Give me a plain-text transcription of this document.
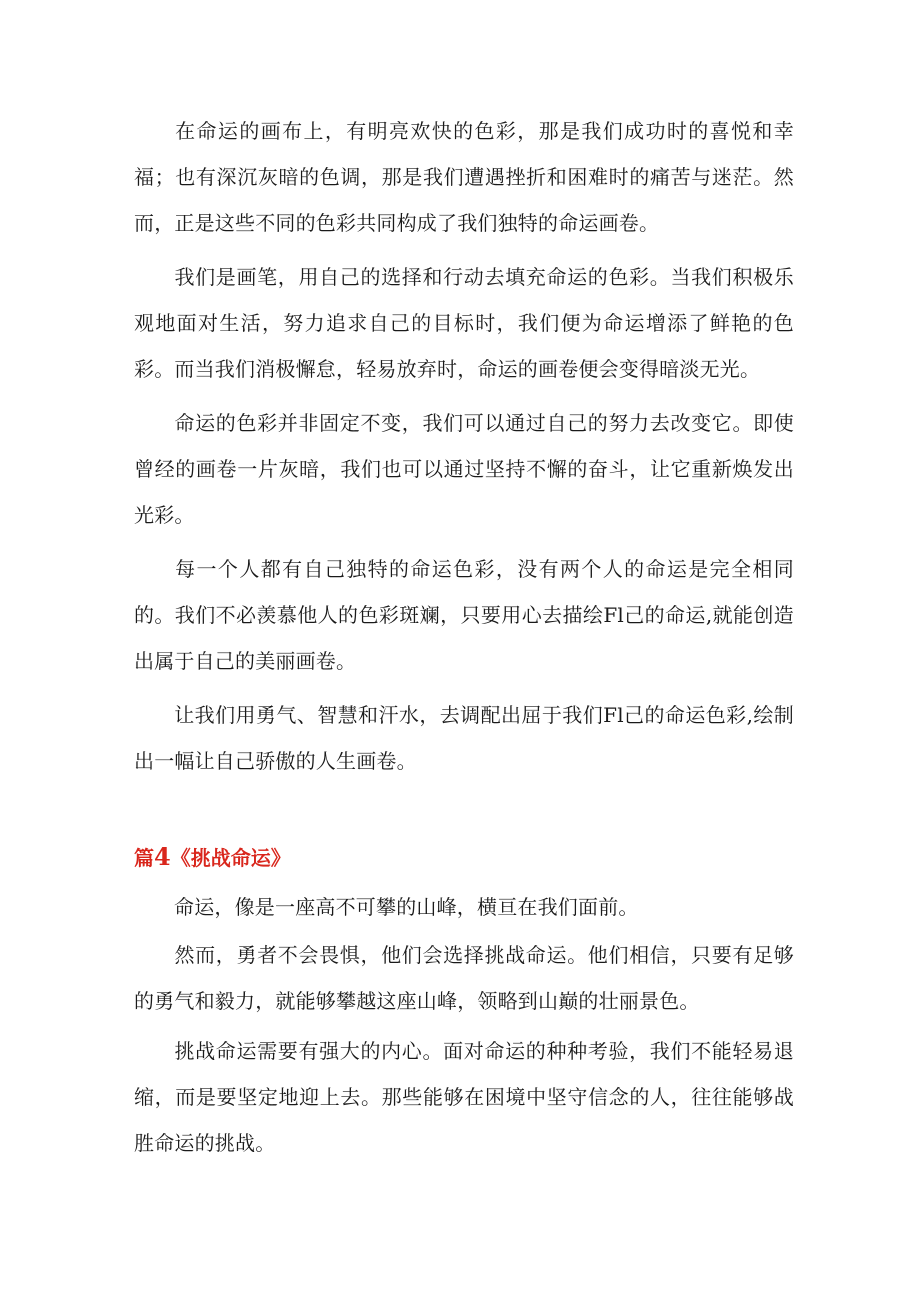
在命运的画布上，有明亮欢快的色彩，那是我们成功时的喜悦和幸福；也有深沉灰暗的色调，那是我们遭遇挫折和困难时的痛苦与迷茫。然而，正是这些不同的色彩共同构成了我们独特的命运画卷。

我们是画笔，用自己的选择和行动去填充命运的色彩。当我们积极乐观地面对生活，努力追求自己的目标时，我们便为命运增添了鲜艳的色彩。而当我们消极懈怠，轻易放弃时，命运的画卷便会变得暗淡无光。

命运的色彩并非固定不变，我们可以通过自己的努力去改变它。即使曾经的画卷一片灰暗，我们也可以通过坚持不懈的奋斗，让它重新焕发出光彩。

每一个人都有自己独特的命运色彩，没有两个人的命运是完全相同的。我们不必羡慕他人的色彩斑斓，只要用心去描绘Fl己的命运,就能创造出属于自己的美丽画卷。

让我们用勇气、智慧和汗水，去调配出屈于我们Fl己的命运色彩,绘制出一幅让自己骄傲的人生画卷。

篇4《挑战命运》

命运，像是一座高不可攀的山峰，横亘在我们面前。

然而，勇者不会畏惧，他们会选择挑战命运。他们相信，只要有足够的勇气和毅力，就能够攀越这座山峰，领略到山巅的壮丽景色。

挑战命运需要有强大的内心。面对命运的种种考验，我们不能轻易退缩，而是要坚定地迎上去。那些能够在困境中坚守信念的人，往往能够战胜命运的挑战。
